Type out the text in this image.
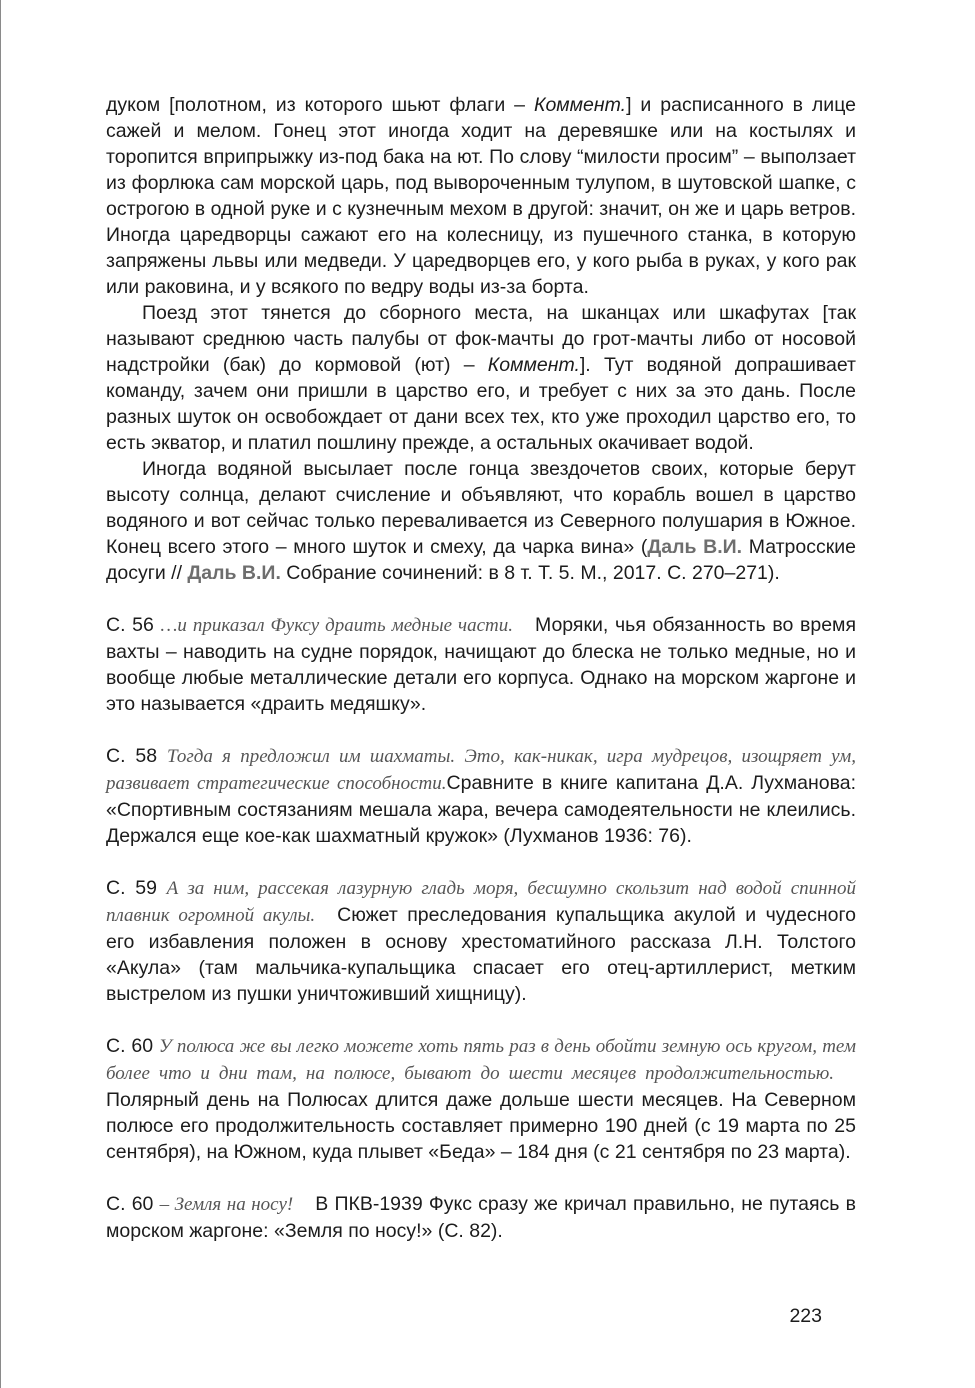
дуком [полотном, из которого шьют флаги – Коммент.] и расписанного в лице сажей и мелом. Гонец этот иногда ходит на деревяшке или на костылях и торопится вприпрыжку из-под бака на ют. По слову “милости просим” – выползает из форлюка сам морской царь, под вывороченным тулупом, в шутовской шапке, с острогою в одной руке и с кузнечным мехом в другой: значит, он же и царь ветров. Иногда царедворцы сажают его на колесницу, из пушечного станка, в которую запряжены львы или медведи. У царедворцев его, у кого рыба в руках, у кого рак или раковина, и у всякого по ведру воды из-за борта.

Поезд этот тянется до сборного места, на шканцах или шкафутах [так называют среднюю часть палубы от фок-мачты до грот-мачты либо от носовой надстройки (бак) до кормовой (ют) – Коммент.]. Тут водяной допрашивает команду, зачем они пришли в царство его, и требует с них за это дань. После разных шуток он освобождает от дани всех тех, кто уже проходил царство его, то есть экватор, и платил пошлину прежде, а остальных окачивает водой.

Иногда водяной высылает после гонца звездочетов своих, которые берут высоту солнца, делают счисление и объявляют, что корабль вошел в царство водяного и вот сейчас только переваливается из Северного полушария в Южное. Конец всего этого – много шуток и смеху, да чарка вина» (Даль В.И. Матросские досуги // Даль В.И. Собрание сочинений: в 8 т. Т. 5. М., 2017. С. 270–271).

С. 56 …и приказал Фуксу драить медные части. Моряки, чья обязанность во время вахты – наводить на судне порядок, начищают до блеска не только медные, но и вообще любые металлические детали его корпуса. Однако на морском жаргоне и это называется «драить медяшку».

С. 58 Тогда я предложил им шахматы. Это, как-никак, игра мудрецов, изощряет ум, развивает стратегические способности.Сравните в книге капитана Д.А. Лухманова: «Спортивным состязаниям мешала жара, вечера самодеятельности не клеились. Держался еще кое-как шахматный кружок» (Лухманов 1936: 76).

С. 59 А за ним, рассекая лазурную гладь моря, бесшумно скользит над водой спинной плавник огромной акулы. Сюжет преследования купальщика акулой и чудесного его избавления положен в основу хрестоматийного рассказа Л.Н. Толстого «Акула» (там мальчика-купальщика спасает его отец-артиллерист, метким выстрелом из пушки уничтоживший хищницу).

С. 60 У полюса же вы легко можете хоть пять раз в день обойти земную ось кругом, тем более что и дни там, на полюсе, бывают до шести месяцев продолжительностью.Полярный день на Полюсах длится даже дольше шести месяцев. На Северном полюсе его продолжительность составляет примерно 190 дней (с 19 марта по 25 сентября), на Южном, куда плывет «Беда» – 184 дня (с 21 сентября по 23 марта).

С. 60 – Земля на носу! В ПКВ-1939 Фукс сразу же кричал правильно, не путаясь в морском жаргоне: «Земля по носу!» (С. 82).

223
